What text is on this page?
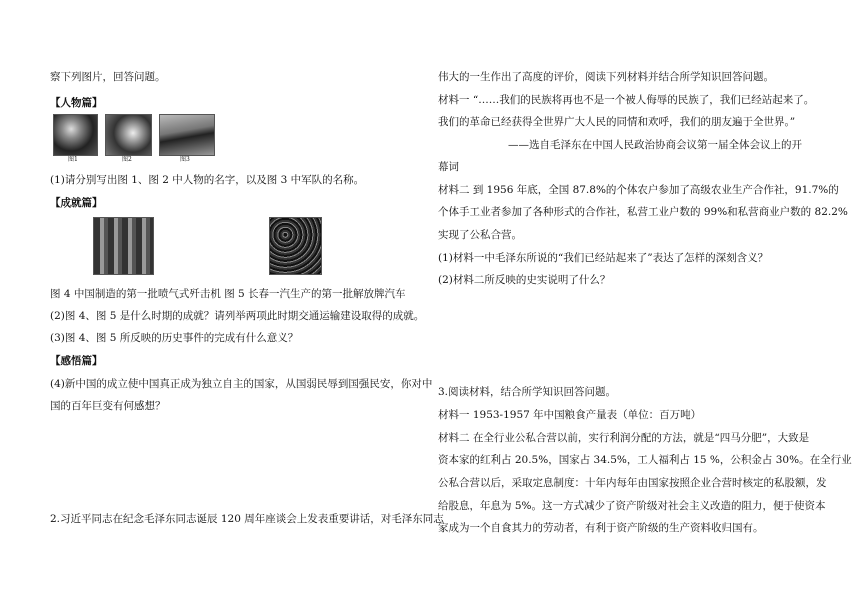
察下列图片，回答问题。
【人物篇】
图1	图2	图3
(1)请分别写出图 1、图 2 中人物的名字，以及图 3 中军队的名称。
【成就篇】
图 4 中国制造的第一批喷气式歼击机 图 5 长春一汽生产的第一批解放牌汽车
(2)图 4、图 5 是什么时期的成就？请列举两项此时期交通运输建设取得的成就。
(3)图 4、图 5 所反映的历史事件的完成有什么意义？
【感悟篇】
(4)新中国的成立使中国真正成为独立自主的国家，从国弱民辱到国强民安，你对中
国的百年巨变有何感想？
2.习近平同志在纪念毛泽东同志诞辰 120 周年座谈会上发表重要讲话，对毛泽东同志
伟大的一生作出了高度的评价，阅读下列材料并结合所学知识回答问题。
材料一 “……我们的民族将再也不是一个被人侮辱的民族了，我们已经站起来了。
我们的革命已经获得全世界广大人民的同情和欢呼，我们的朋友遍于全世界。”
——选自毛泽东在中国人民政治协商会议第一届全体会议上的开
幕词
材料二 到 1956 年底，全国 87.8%的个体农户参加了高级农业生产合作社，91.7%的
个体手工业者参加了各种形式的合作社，私营工业户数的 99%和私营商业户数的 82.2%
实现了公私合营。
(1)材料一中毛泽东所说的“我们已经站起来了”表达了怎样的深刻含义？
(2)材料二所反映的史实说明了什么？
3.阅读材料，结合所学知识回答问题。
材料一 1953-1957 年中国粮食产量表（单位：百万吨）
材料二 在全行业公私合营以前，实行利润分配的方法，就是“四马分肥”，大致是
资本家的红利占 20.5%，国家占 34.5%，工人福利占 15 %，公积金占 30%。在全行业
公私合营以后，采取定息制度：十年内每年由国家按照企业合营时核定的私股额，发
给股息，年息为 5%。这一方式减少了资产阶级对社会主义改造的阻力，便于使资本
家成为一个自食其力的劳动者，有利于资产阶级的生产资料收归国有。
